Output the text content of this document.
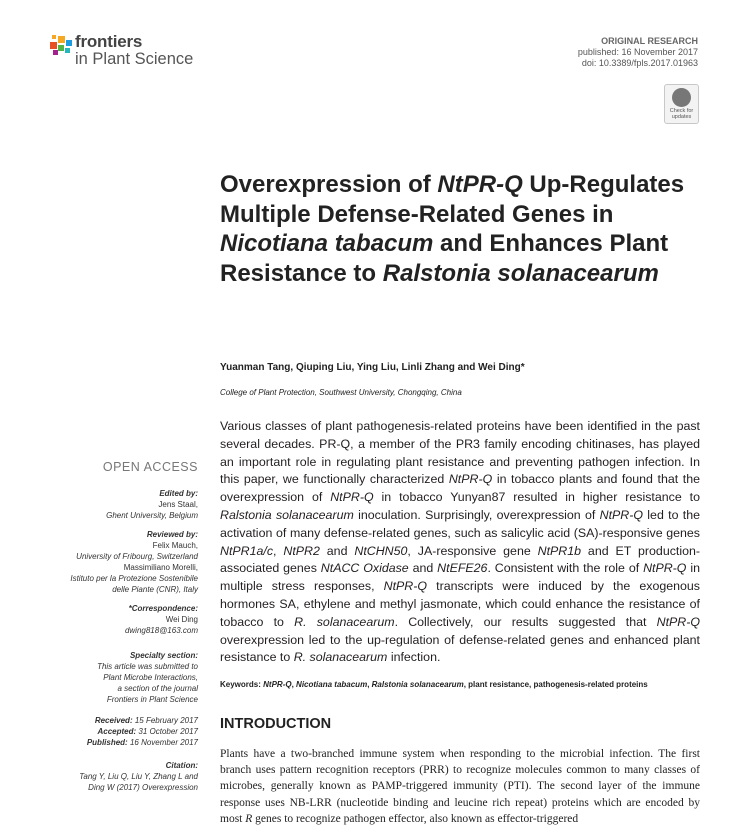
frontiers
in Plant Science
ORIGINAL RESEARCH
published: 16 November 2017
doi: 10.3389/fpls.2017.01963
Check for updates
Overexpression of NtPR-Q Up-Regulates Multiple Defense-Related Genes in Nicotiana tabacum and Enhances Plant Resistance to Ralstonia solanacearum
Yuanman Tang, Qiuping Liu, Ying Liu, Linli Zhang and Wei Ding*
College of Plant Protection, Southwest University, Chongqing, China
Various classes of plant pathogenesis-related proteins have been identified in the past several decades. PR-Q, a member of the PR3 family encoding chitinases, has played an important role in regulating plant resistance and preventing pathogen infection. In this paper, we functionally characterized NtPR-Q in tobacco plants and found that the overexpression of NtPR-Q in tobacco Yunyan87 resulted in higher resistance to Ralstonia solanacearum inoculation. Surprisingly, overexpression of NtPR-Q led to the activation of many defense-related genes, such as salicylic acid (SA)-responsive genes NtPR1a/c, NtPR2 and NtCHN50, JA-responsive gene NtPR1b and ET production-associated genes NtACC Oxidase and NtEFE26. Consistent with the role of NtPR-Q in multiple stress responses, NtPR-Q transcripts were induced by the exogenous hormones SA, ethylene and methyl jasmonate, which could enhance the resistance of tobacco to R. solanacearum. Collectively, our results suggested that NtPR-Q overexpression led to the up-regulation of defense-related genes and enhanced plant resistance to R. solanacearum infection.
Keywords: NtPR-Q, Nicotiana tabacum, Ralstonia solanacearum, plant resistance, pathogenesis-related proteins
INTRODUCTION
Plants have a two-branched immune system when responding to the microbial infection. The first branch uses pattern recognition receptors (PRR) to recognize molecules common to many classes of microbes, generally known as PAMP-triggered immunity (PTI). The second layer of the immune response uses NB-LRR (nucleotide binding and leucine rich repeat) proteins which are encoded by most R genes to recognize pathogen effector, also known as effector-triggered
OPEN ACCESS
Edited by:
Jens Staal,
Ghent University, Belgium
Reviewed by:
Felix Mauch,
University of Fribourg, Switzerland
Massimiliano Morelli,
Istituto per la Protezione Sostenibile
delle Piante (CNR), Italy
*Correspondence:
Wei Ding
dwing818@163.com
Specialty section:
This article was submitted to
Plant Microbe Interactions,
a section of the journal
Frontiers in Plant Science
Received: 15 February 2017
Accepted: 31 October 2017
Published: 16 November 2017
Citation:
Tang Y, Liu Q, Liu Y, Zhang L and
Ding W (2017) Overexpression
